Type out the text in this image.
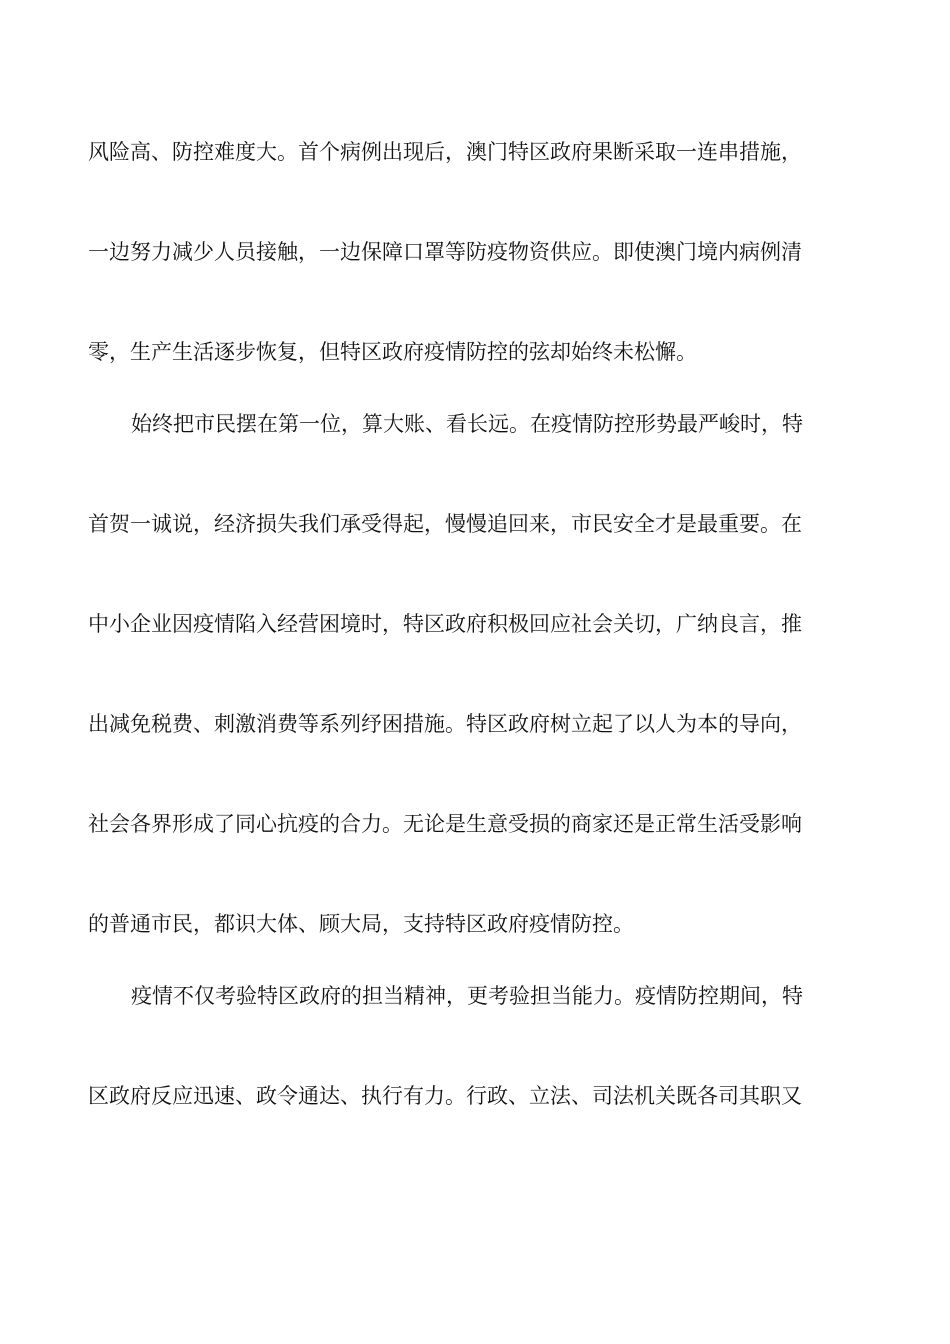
风险高、防控难度大。首个病例出现后，澳门特区政府果断采取一连串措施，
一边努力减少人员接触，一边保障口罩等防疫物资供应。即使澳门境内病例清
零，生产生活逐步恢复，但特区政府疫情防控的弦却始终未松懈。
始终把市民摆在第一位，算大账、看长远。在疫情防控形势最严峻时，特
首贺一诚说，经济损失我们承受得起，慢慢追回来，市民安全才是最重要。在
中小企业因疫情陷入经营困境时，特区政府积极回应社会关切，广纳良言，推
出减免税费、刺激消费等系列纾困措施。特区政府树立起了以人为本的导向，
社会各界形成了同心抗疫的合力。无论是生意受损的商家还是正常生活受影响
的普通市民，都识大体、顾大局，支持特区政府疫情防控。
疫情不仅考验特区政府的担当精神，更考验担当能力。疫情防控期间，特
区政府反应迅速、政令通达、执行有力。行政、立法、司法机关既各司其职又
